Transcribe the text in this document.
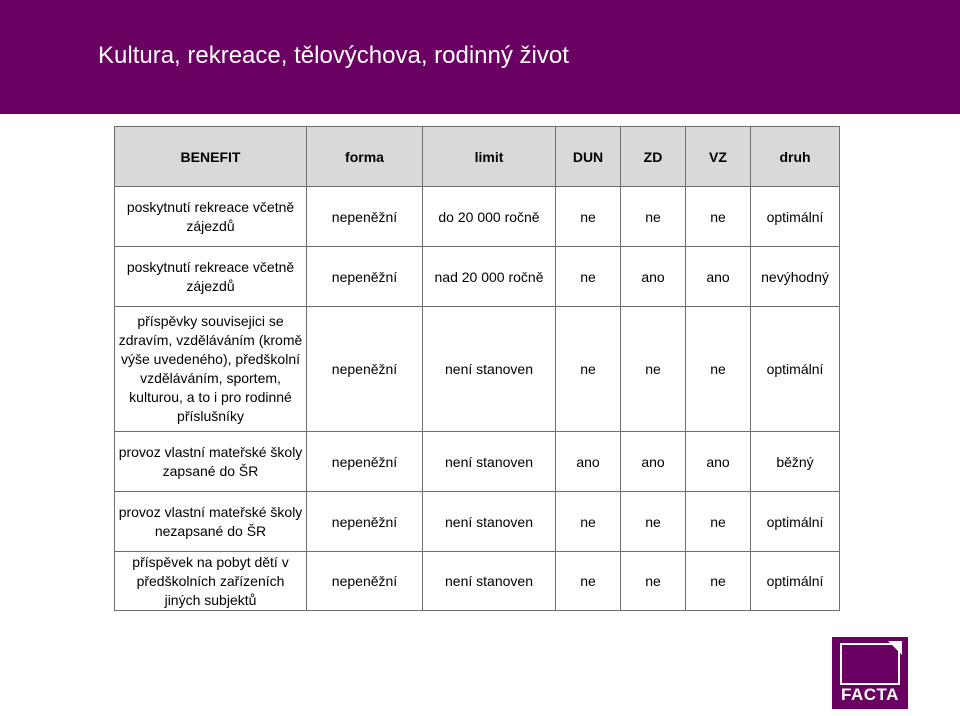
Kultura, rekreace, tělovýchova, rodinný život
BENEFIT	forma	limit	DUN	ZD	VZ	druh

poskytnutí rekreace včetně zájezdů	nepeněžní	do 20 000 ročně	ne	ne	ne	optimální

poskytnutí rekreace včetně zájezdů	nepeněžní	nad 20 000 ročně	ne	ano	ano	nevýhodný

příspěvky souvisejici se zdravím, vzděláváním (kromě výše uvedeného), předškolní vzděláváním, sportem, kulturou, a to i pro rodinné příslušníky	nepeněžní	není stanoven	ne	ne	ne	optimální

provoz vlastní mateřské školy zapsané do ŠR	nepeněžní	není stanoven	ano	ano	ano	běžný

provoz vlastní mateřské školy nezapsané do ŠR	nepeněžní	není stanoven	ne	ne	ne	optimální

příspěvek na pobyt dětí v předškolních zařízeních jiných subjektů	nepeněžní	není stanoven	ne	ne	ne	optimální
FACTA
